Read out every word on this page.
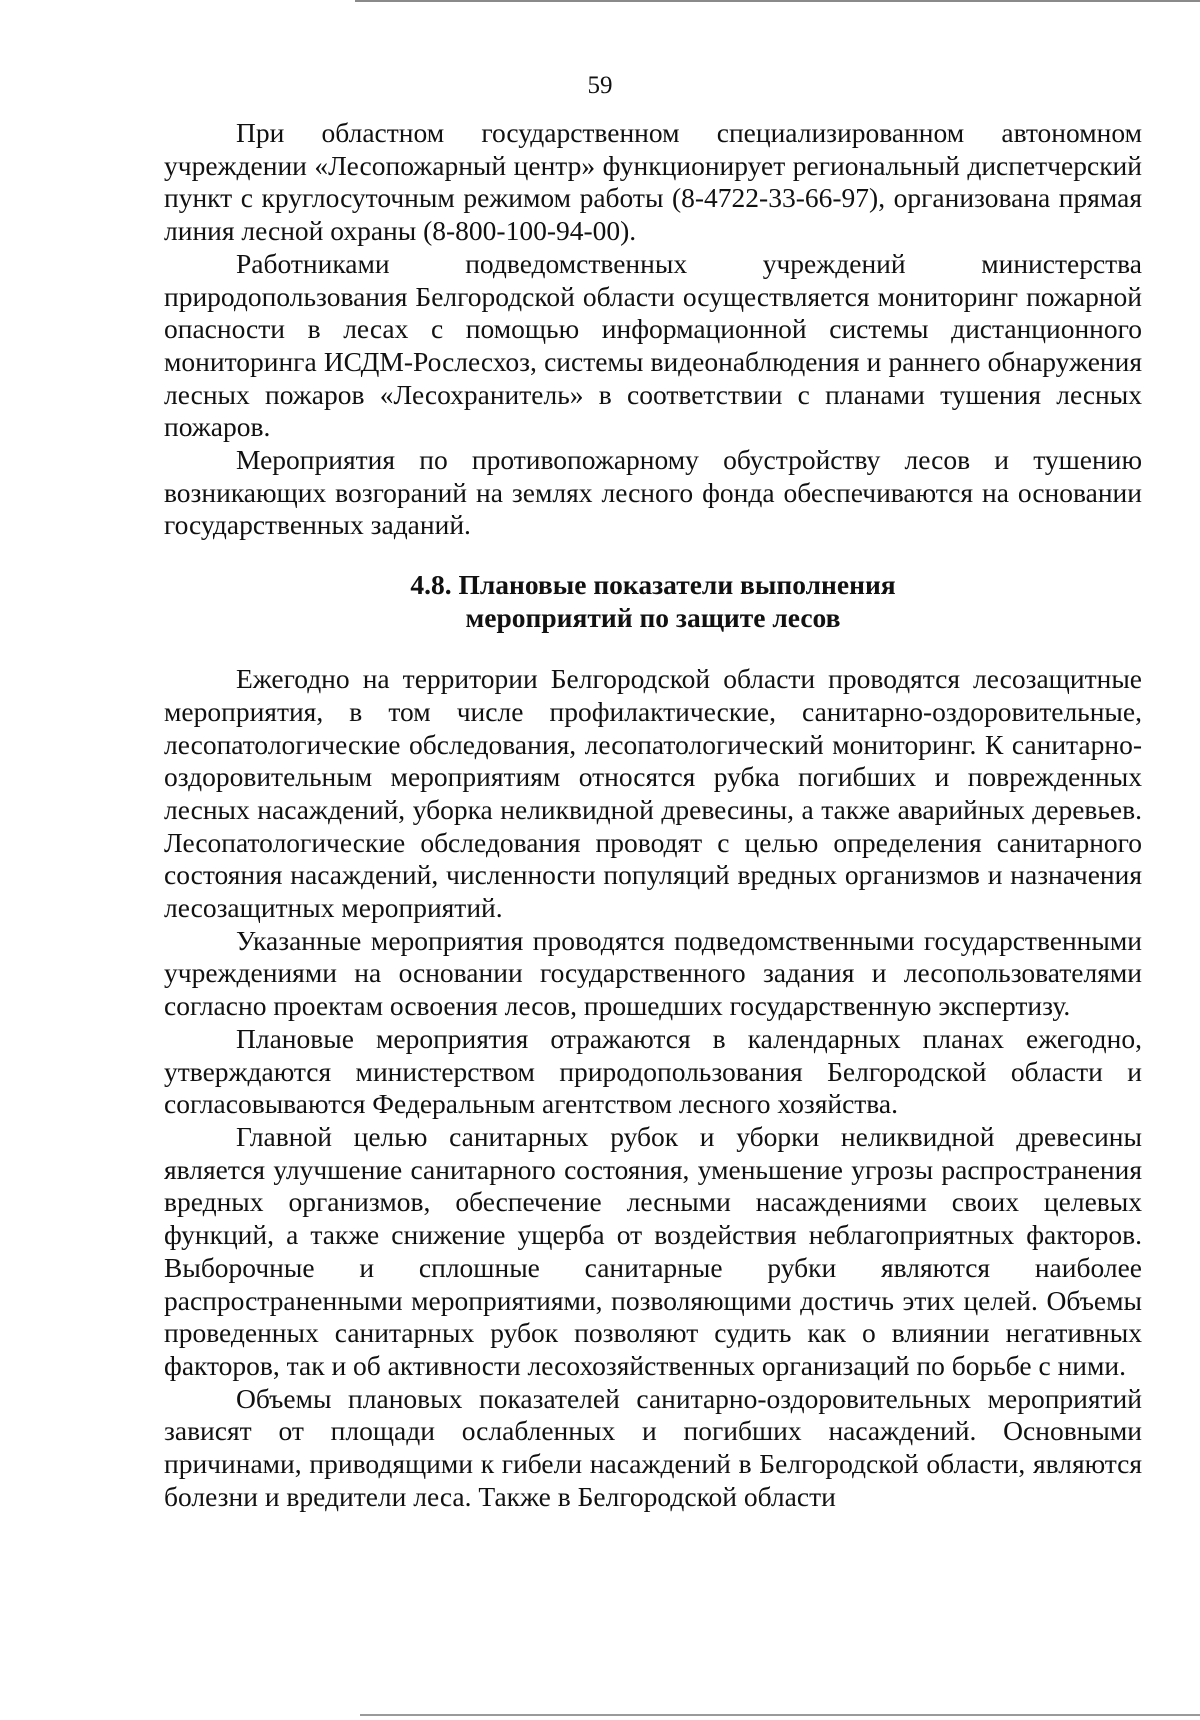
59

При областном государственном специализированном автономном учреждении «Лесопожарный центр» функционирует региональный диспетчерский пункт с круглосуточным режимом работы (8-4722-33-66-97), организована прямая линия лесной охраны (8-800-100-94-00).

Работниками подведомственных учреждений министерства природопользования Белгородской области осуществляется мониторинг пожарной опасности в лесах с помощью информационной системы дистанционного мониторинга ИСДМ-Рослесхоз, системы видеонаблюдения и раннего обнаружения лесных пожаров «Лесохранитель» в соответствии с планами тушения лесных пожаров.

Мероприятия по противопожарному обустройству лесов и тушению возникающих возгораний на землях лесного фонда обеспечиваются на основании государственных заданий.

4.8. Плановые показатели выполнения
мероприятий по защите лесов

Ежегодно на территории Белгородской области проводятся лесозащитные мероприятия, в том числе профилактические, санитарно-оздоровительные, лесопатологические обследования, лесопатологический мониторинг. К санитарно-оздоровительным мероприятиям относятся рубка погибших и поврежденных лесных насаждений, уборка неликвидной древесины, а также аварийных деревьев. Лесопатологические обследования проводят с целью определения санитарного состояния насаждений, численности популяций вредных организмов и назначения лесозащитных мероприятий.

Указанные мероприятия проводятся подведомственными государственными учреждениями на основании государственного задания и лесопользователями согласно проектам освоения лесов, прошедших государственную экспертизу.

Плановые мероприятия отражаются в календарных планах ежегодно, утверждаются министерством природопользования Белгородской области и согласовываются Федеральным агентством лесного хозяйства.

Главной целью санитарных рубок и уборки неликвидной древесины является улучшение санитарного состояния, уменьшение угрозы распространения вредных организмов, обеспечение лесными насаждениями своих целевых функций, а также снижение ущерба от воздействия неблагоприятных факторов. Выборочные и сплошные санитарные рубки являются наиболее распространенными мероприятиями, позволяющими достичь этих целей. Объемы проведенных санитарных рубок позволяют судить как о влиянии негативных факторов, так и об активности лесохозяйственных организаций по борьбе с ними.

Объемы плановых показателей санитарно-оздоровительных мероприятий зависят от площади ослабленных и погибших насаждений. Основными причинами, приводящими к гибели насаждений в Белгородской области, являются болезни и вредители леса. Также в Белгородской области
